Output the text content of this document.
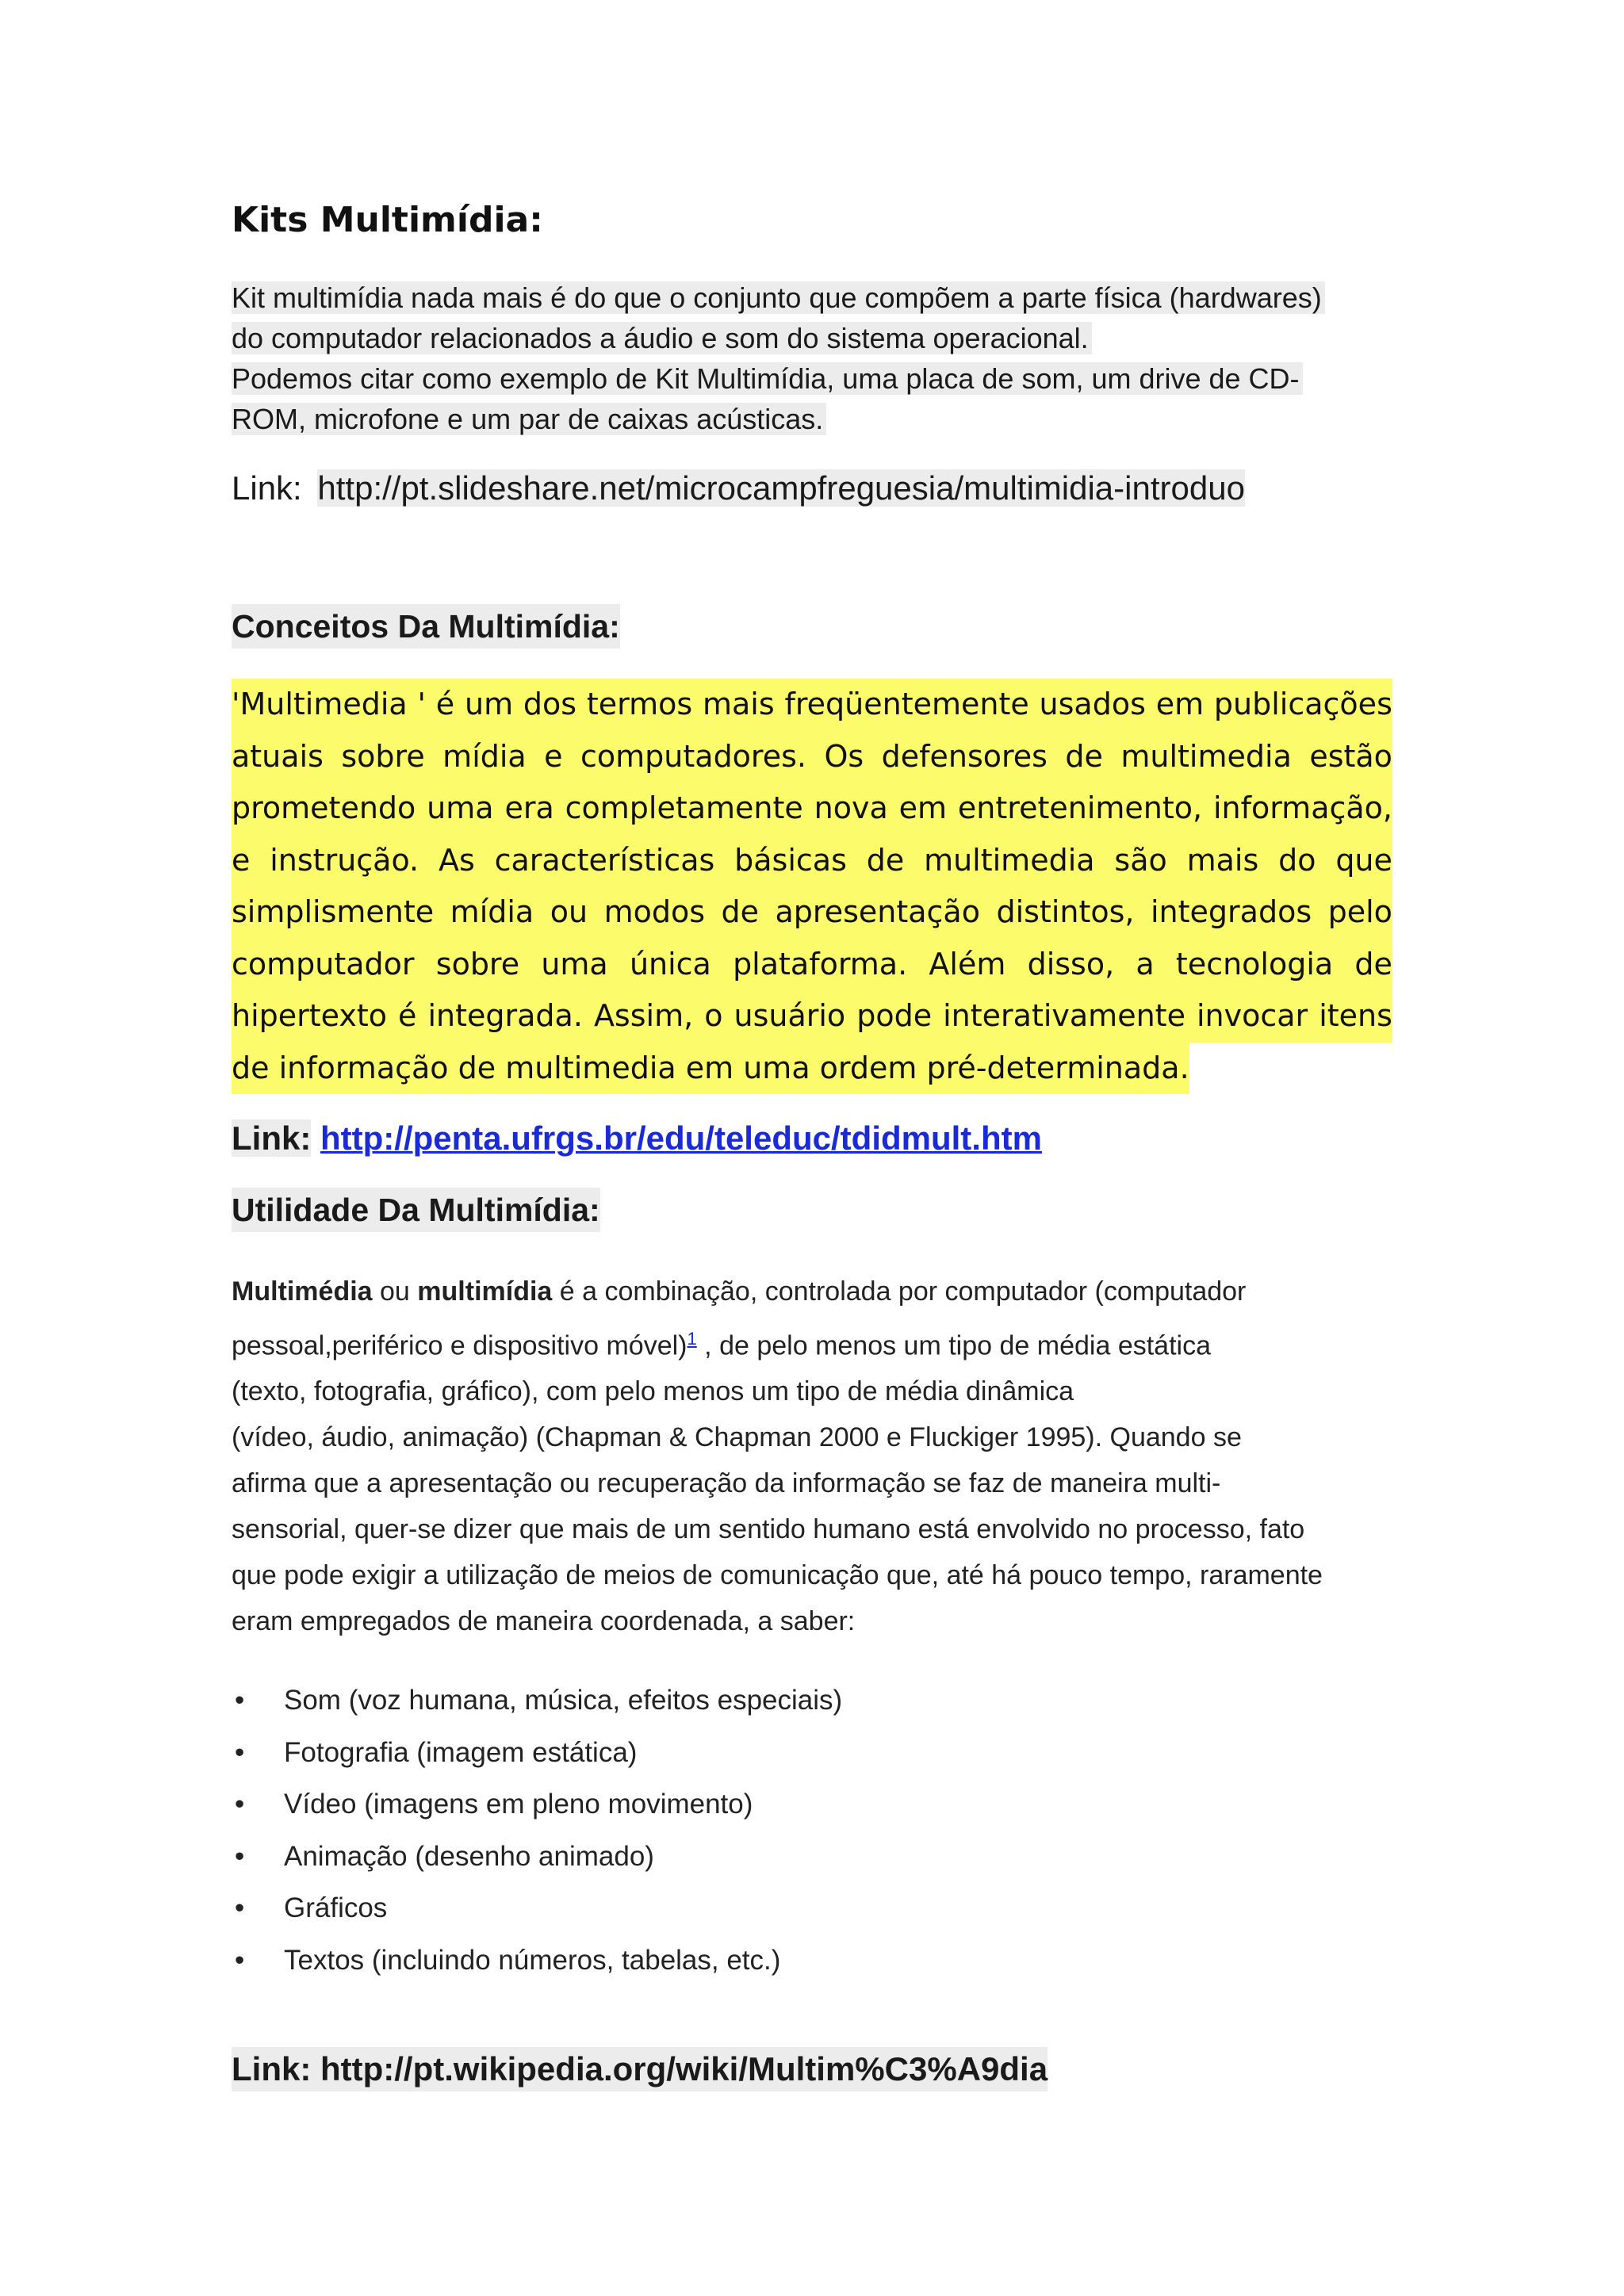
Kits Multimídia:
Kit multimídia nada mais é do que o conjunto que compõem a parte física (hardwares)
do computador relacionados a áudio e som do sistema operacional.
Podemos citar como exemplo de Kit Multimídia, uma placa de som, um drive de CD-
ROM, microfone e um par de caixas acústicas.
Link: http://pt.slideshare.net/microcampfreguesia/multimidia-introduo
Conceitos Da Multimídia:
'Multimedia ' é um dos termos mais freqüentemente usados em publicações
atuais sobre mídia e computadores. Os defensores de multimedia estão
prometendo uma era completamente nova em entretenimento, informação,
e instrução. As características básicas de multimedia são mais do que
simplismente mídia ou modos de apresentação distintos, integrados pelo
computador sobre uma única plataforma. Além disso, a tecnologia de
hipertexto é integrada. Assim, o usuário pode interativamente invocar itens
de informação de multimedia em uma ordem pré-determinada.
Link: http://penta.ufrgs.br/edu/teleduc/tdidmult.htm
Utilidade Da Multimídia:
Multimédia ou multimídia é a combinação, controlada por computador (computador
pessoal,periférico e dispositivo móvel)$^1$ , de pelo menos um tipo de média estática
(texto, fotografia, gráfico), com pelo menos um tipo de média dinâmica
(vídeo, áudio, animação) (Chapman & Chapman 2000 e Fluckiger 1995). Quando se
afirma que a apresentação ou recuperação da informação se faz de maneira multi-
sensorial, quer-se dizer que mais de um sentido humano está envolvido no processo, fato
que pode exigir a utilização de meios de comunicação que, até há pouco tempo, raramente
eram empregados de maneira coordenada, a saber:
• Som (voz humana, música, efeitos especiais)
• Fotografia (imagem estática)
• Vídeo (imagens em pleno movimento)
• Animação (desenho animado)
• Gráficos
• Textos (incluindo números, tabelas, etc.)
Link: http://pt.wikipedia.org/wiki/Multim%C3%A9dia
